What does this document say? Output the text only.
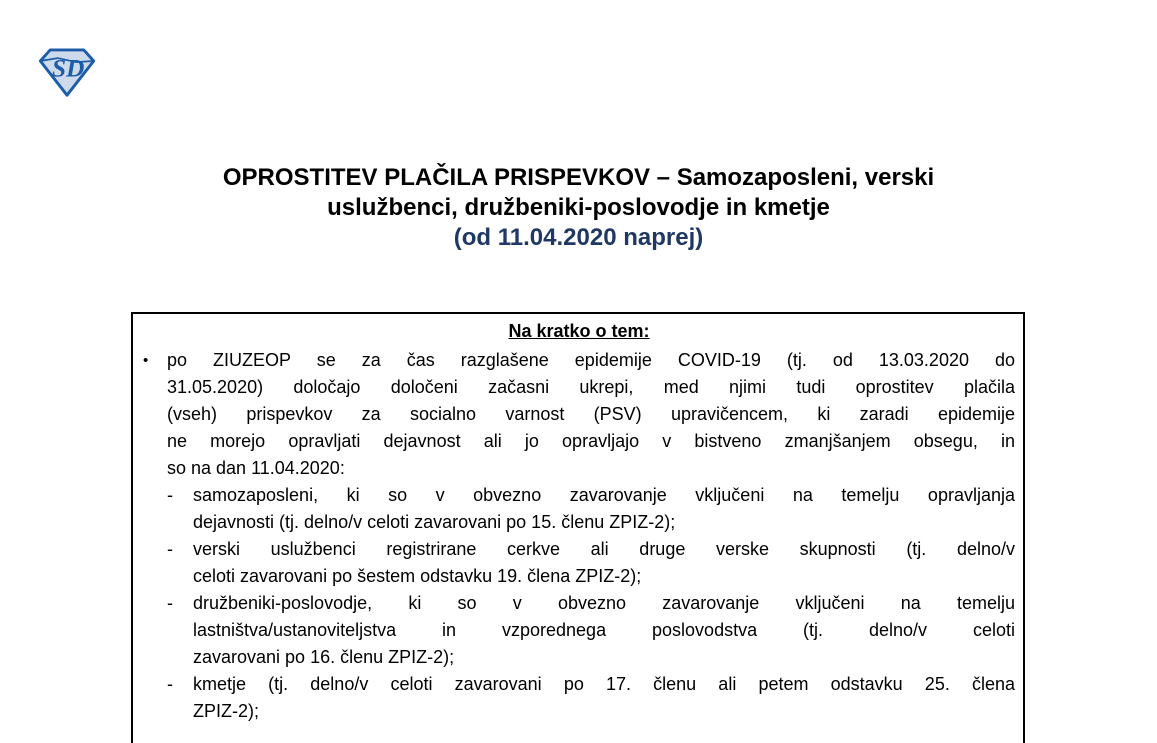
SD
OPROSTITEV PLAČILA PRISPEVKOV – Samozaposleni, verski
uslužbenci, družbeniki-poslovodje in kmetje
(od 11.04.2020 naprej)
Na kratko o tem:
•	po ZIUZEOP se za čas razglašene epidemije COVID-19 (tj. od 13.03.2020 do
31.05.2020) določajo določeni začasni ukrepi, med njimi tudi oprostitev plačila
(vseh) prispevkov za socialno varnost (PSV) upravičencem, ki zaradi epidemije
ne morejo opravljati dejavnost ali jo opravljajo v bistveno zmanjšanjem obsegu, in
so na dan 11.04.2020:
-	samozaposleni, ki so v obvezno zavarovanje vključeni na temelju opravljanja
dejavnosti (tj. delno/v celoti zavarovani po 15. členu ZPIZ-2);
-	verski uslužbenci registrirane cerkve ali druge verske skupnosti (tj. delno/v
celoti zavarovani po šestem odstavku 19. člena ZPIZ-2);
-	družbeniki-poslovodje, ki so v obvezno zavarovanje vključeni na temelju
lastništva/ustanoviteljstva in vzporednega poslovodstva (tj. delno/v celoti
zavarovani po 16. členu ZPIZ-2);
-	kmetje (tj. delno/v celoti zavarovani po 17. členu ali petem odstavku 25. člena
ZPIZ-2);
